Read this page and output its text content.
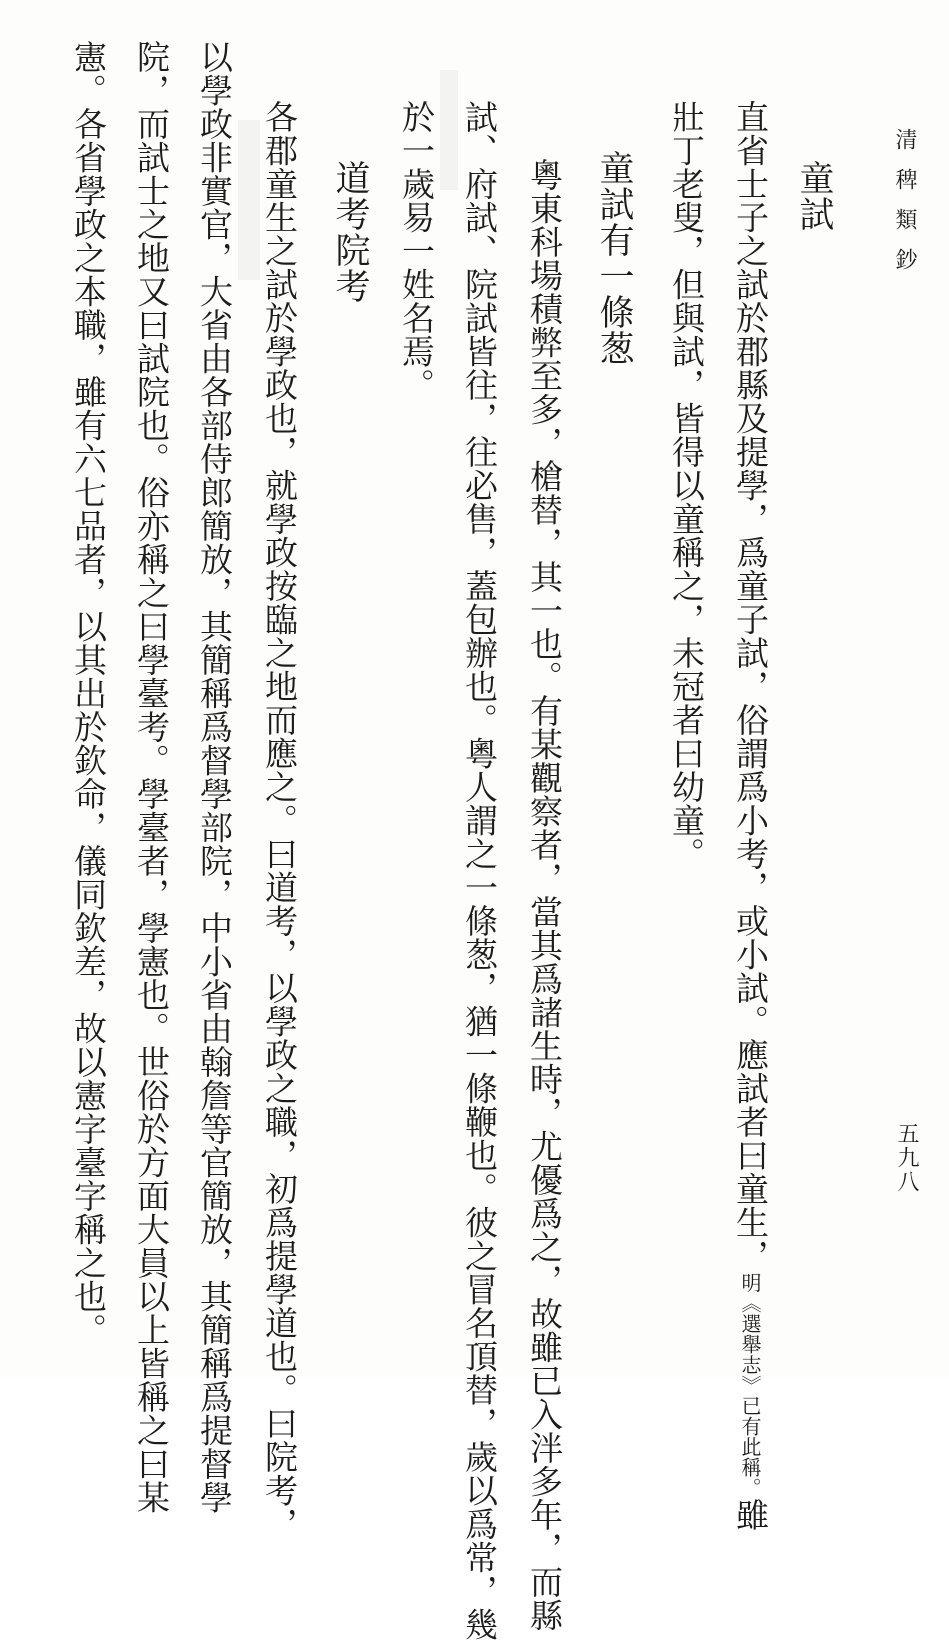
清稗類鈔
五九八
童試
直省士子之試於郡縣及提學，爲童子試，俗謂爲小考，或小試。應試者曰童生，明《選舉志》已有此稱。雖
壯丁老叟，但與試，皆得以童稱之，未冠者曰幼童。
童試有一條葱
粵東科場積弊至多，槍替，其一也。有某觀察者，當其爲諸生時，尤優爲之，故雖已入泮多年，而縣
試、府試、院試皆往，往必售，蓋包辦也。粵人謂之一條葱，猶一條鞭也。彼之冒名頂替，歲以爲常，幾
於一歲易一姓名焉。
道考院考
各郡童生之試於學政也，就學政按臨之地而應之。曰道考，以學政之職，初爲提學道也。曰院考，
以學政非實官，大省由各部侍郎簡放，其簡稱爲督學部院，中小省由翰詹等官簡放，其簡稱爲提督學
院，而試士之地又曰試院也。俗亦稱之曰學臺考。學臺者，學憲也。世俗於方面大員以上皆稱之曰某
憲。各省學政之本職，雖有六七品者，以其出於欽命，儀同欽差，故以憲字臺字稱之也。
